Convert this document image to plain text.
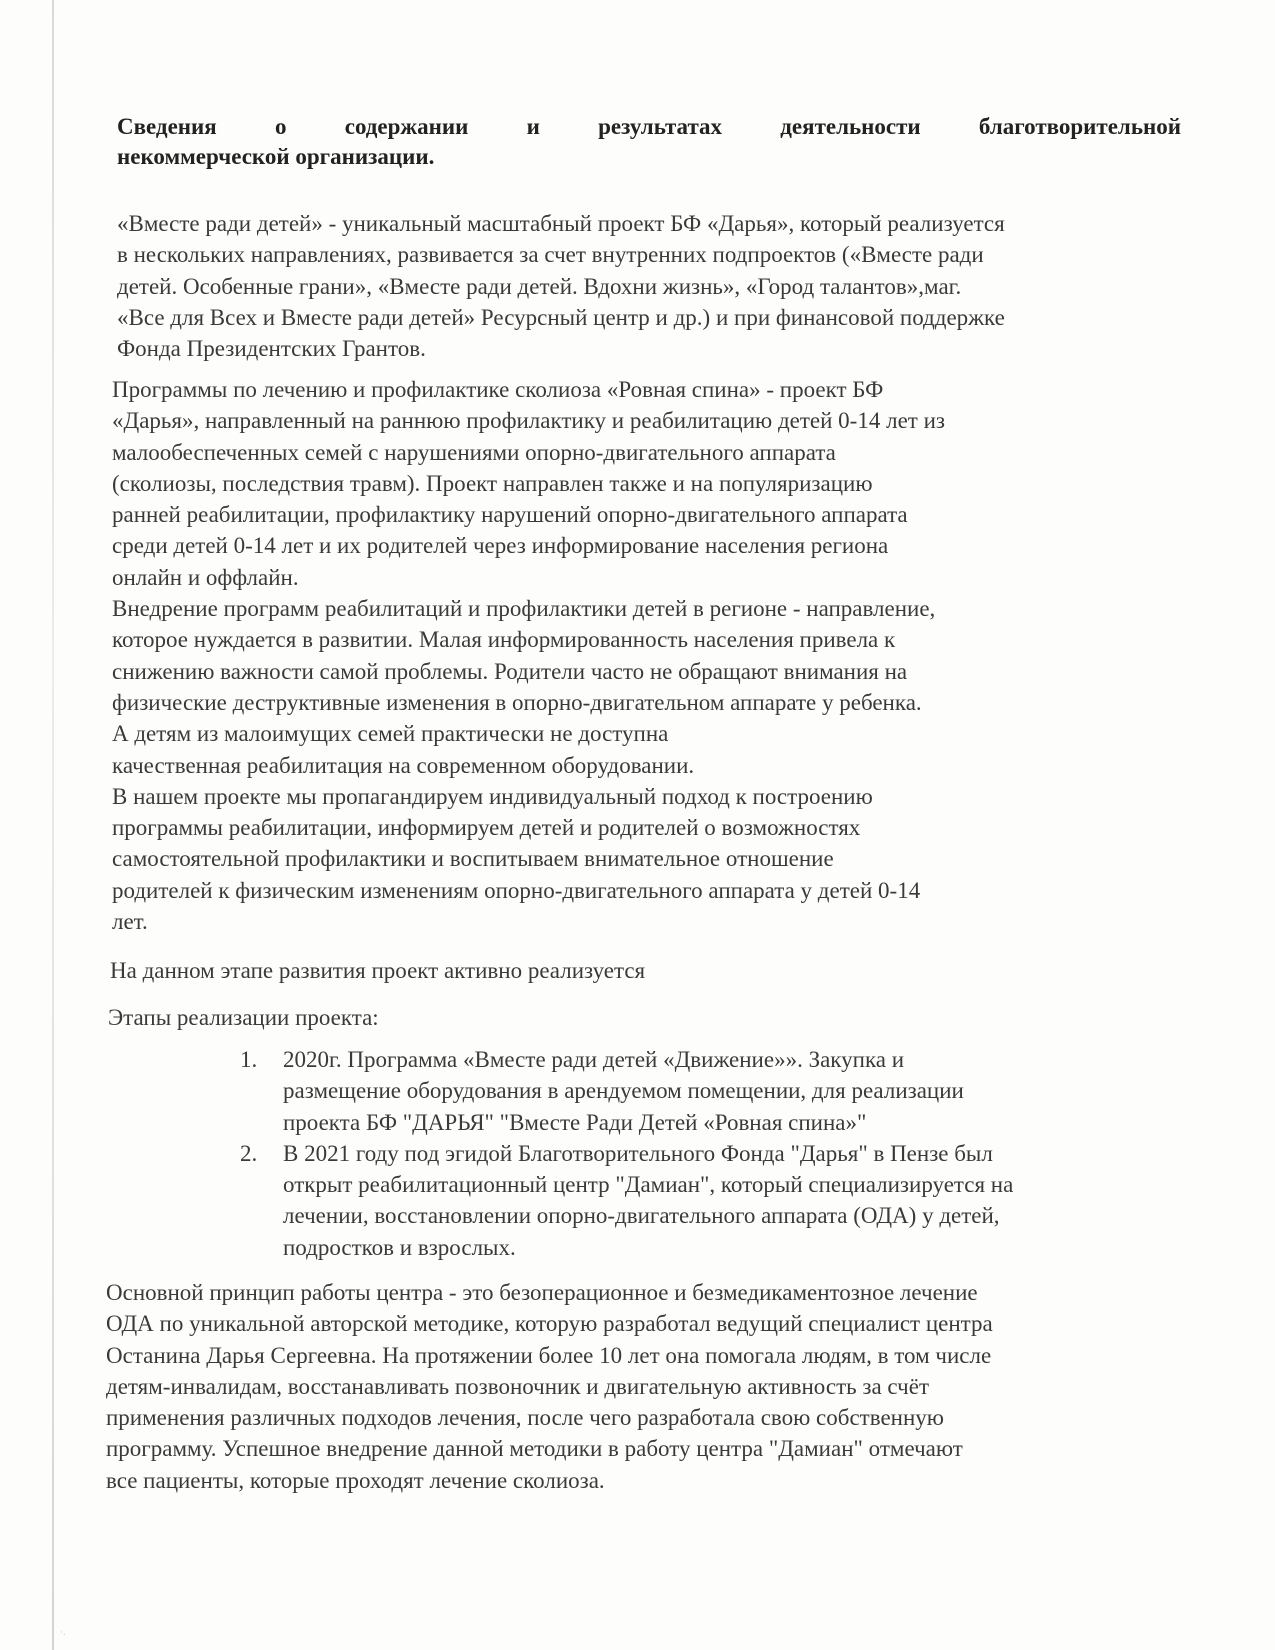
Сведения о содержании и результатах деятельности благотворительной
некоммерческой организации.

«Вместе ради детей» - уникальный масштабный проект БФ «Дарья», который реализуется
в нескольких направлениях, развивается за счет внутренних подпроектов («Вместе ради
детей. Особенные грани», «Вместе ради детей. Вдохни жизнь», «Город талантов»,маг.
«Все для Всех и Вместе ради детей» Ресурсный центр и др.) и при финансовой поддержке
Фонда Президентских Грантов.

Программы по лечению и профилактике сколиоза «Ровная спина» - проект БФ
«Дарья», направленный на раннюю профилактику и реабилитацию детей 0-14 лет из
малообеспеченных семей с нарушениями опорно-двигательного аппарата
(сколиозы, последствия травм). Проект направлен также и на популяризацию
ранней реабилитации, профилактику нарушений опорно-двигательного аппарата
среди детей 0-14 лет и их родителей через информирование населения региона
онлайн и оффлайн.
Внедрение программ реабилитаций и профилактики детей в регионе - направление,
которое нуждается в развитии. Малая информированность населения привела к
снижению важности самой проблемы. Родители часто не обращают внимания на
физические деструктивные изменения в опорно-двигательном аппарате у ребенка.
А детям из малоимущих семей практически не доступна
качественная реабилитация на современном оборудовании.
В нашем проекте мы пропагандируем индивидуальный подход к построению
программы реабилитации, информируем детей и родителей о возможностях
самостоятельной профилактики и воспитываем внимательное отношение
родителей к физическим изменениям опорно-двигательного аппарата у детей 0-14
лет.

На данном этапе развития проект активно реализуется

Этапы реализации проекта:

1. 2020г. Программа «Вместе ради детей «Движение»». Закупка и
размещение оборудования в арендуемом помещении, для реализации
проекта БФ "ДАРЬЯ" "Вместе Ради Детей «Ровная спина»"
2. В 2021 году под эгидой Благотворительного Фонда "Дарья" в Пензе был
открыт реабилитационный центр "Дамиан", который специализируется на
лечении, восстановлении опорно-двигательного аппарата (ОДА) у детей,
подростков и взрослых.

Основной принцип работы центра - это безоперационное и безмедикаментозное лечение
ОДА по уникальной авторской методике, которую разработал ведущий специалист центра
Останина Дарья Сергеевна. На протяжении более 10 лет она помогала людям, в том числе
детям-инвалидам, восстанавливать позвоночник и двигательную активность за счёт
применения различных подходов лечения, после чего разработала свою собственную
программу. Успешное внедрение данной методики в работу центра "Дамиан" отмечают
все пациенты, которые проходят лечение сколиоза.

·.
